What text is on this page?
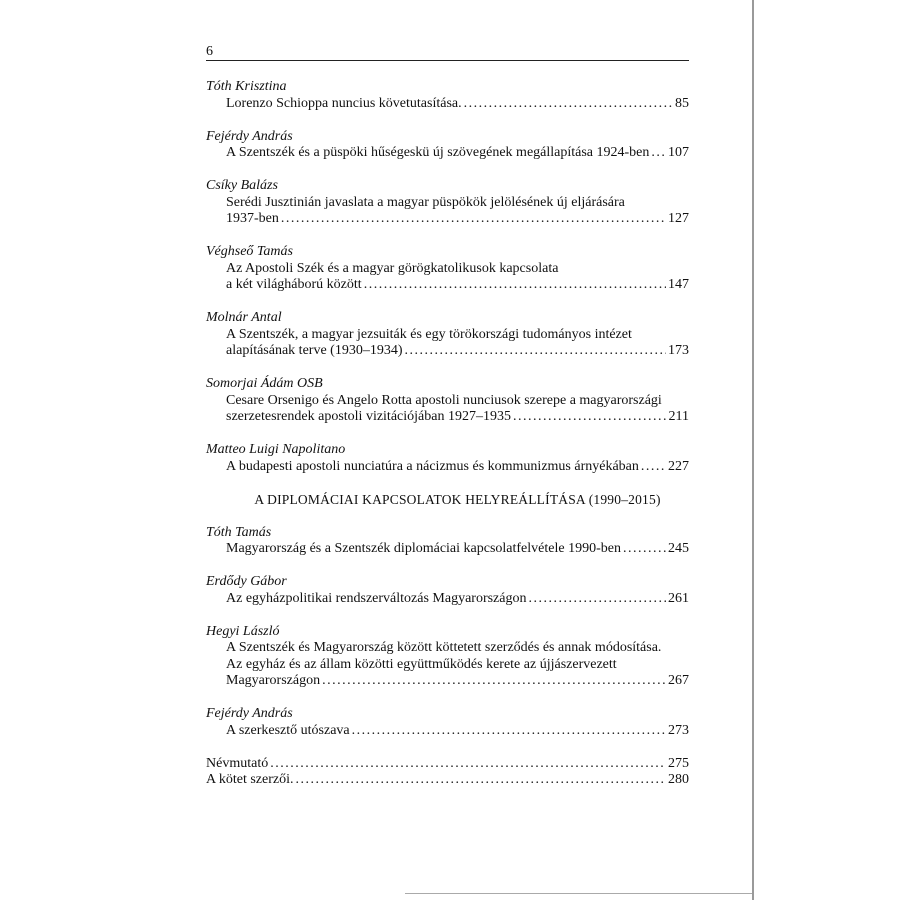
6
Tóth Krisztina
Lorenzo Schioppa nuncius követutasítása. . . .	85
Fejérdy András
A Szentszék és a püspöki hűségeskü új szövegének megállapítása 1924-ben . . . 107
Csíky Balázs
Serédi Jusztinián javaslata a magyar püspökök jelölésének új eljárására
1937-ben . . .	127
Véghseő Tamás
Az Apostoli Szék és a magyar görögkatolikusok kapcsolata
a két világháború között . . .	147
Molnár Antal
A Szentszék, a magyar jezsuiták és egy törökországi tudományos intézet
alapításának terve (1930–1934) . . .	173
Somorjai Ádám OSB
Cesare Orsenigo és Angelo Rotta apostoli nunciusok szerepe a magyarországi
szerzetesrendek apostoli vizitációjában 1927–1935 . . .	211
Matteo Luigi Napolitano
A budapesti apostoli nunciatúra a nácizmus és kommunizmus árnyékában . . . 227
A DIPLOMÁCIAI KAPCSOLATOK HELYREÁLLÍTÁSA (1990–2015)
Tóth Tamás
Magyarország és a Szentszék diplomáciai kapcsolatfelvétele 1990-ben . . .	245
Erdődy Gábor
Az egyházpolitikai rendszerváltozás Magyarországon . . .	261
Hegyi László
A Szentszék és Magyarország között köttetett szerződés és annak módosítása.
Az egyház és az állam közötti együttműködés kerete az újjászervezett
Magyarországon . . .	267
Fejérdy András
A szerkesztő utószava . . .	273
Névmutató . . .	275
A kötet szerzői. . . .	280
